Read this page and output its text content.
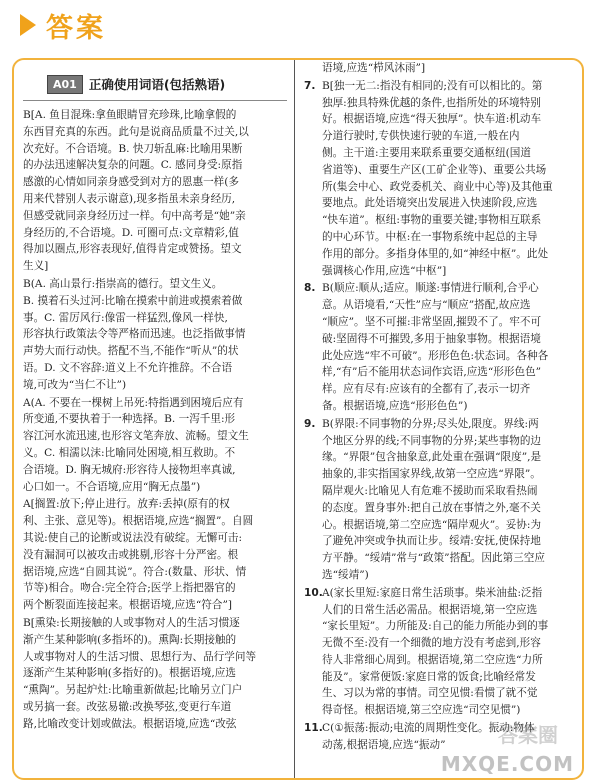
答案
A01 正确使用词语(包括熟语)
B[A. 鱼目混珠:拿鱼眼睛冒充珍珠,比喻拿假的
东西冒充真的东西。此句是说商品质量不过关,以
次充好。不合语境。B. 快刀斩乱麻:比喻用果断
的办法迅速解决复杂的问题。C. 感同身受:原指
感激的心情如同亲身感受到对方的恩惠一样(多
用来代替别人表示谢意),现多指虽未亲身经历,
但感受就同亲身经历过一样。句中高考是“她”亲
身经历的,不合语境。D. 可圈可点:文章精彩,值
得加以圈点,形容表现好,值得肯定或赞扬。望文
生义]
B(A. 高山景行:指崇高的德行。望文生义。
B. 摸着石头过河:比喻在摸索中前进或摸索着做
事。C. 雷厉风行:像雷一样猛烈,像风一样快,
形容执行政策法令等严格而迅速。也泛指做事情
声势大而行动快。搭配不当,不能作“听从”的状
语。D. 文不容辞:道义上不允许推辞。不合语
境,可改为“当仁不让”)
A(A. 不要在一棵树上吊死:特指遇到困境后应有
所变通,不要执着于一种选择。B. 一泻千里:形
容江河水流迅速,也形容文笔奔放、流畅。望文生
义。C. 相濡以沫:比喻同处困境,相互救助。不
合语境。D. 胸无城府:形容待人接物坦率真诚,
心口如一。不合语境,应用“胸无点墨”)
A[搁置:放下;停止进行。放弃:丢掉(原有的权
利、主张、意见等)。根据语境,应选“搁置”。自圆
其说:使自己的论断或说法没有破绽。无懈可击:
没有漏洞可以被攻击或挑剔,形容十分严密。根
据语境,应选“自圆其说”。符合:(数量、形状、情
节等)相合。吻合:完全符合;医学上指把器官的
两个断裂面连接起来。根据语境,应选“符合”]
B[熏染:长期接触的人或事物对人的生活习惯逐
渐产生某种影响(多指坏的)。熏陶:长期接触的
人或事物对人的生活习惯、思想行为、品行学问等
逐渐产生某种影响(多指好的)。根据语境,应选
“熏陶”。另起炉灶:比喻重新做起;比喻另立门户
或另搞一套。改弦易辙:改换琴弦,变更行车道
路,比喻改变计划或做法。根据语境,应选“改弦
语境,应选“栉风沐雨”]
7. B[独一无二:指没有相同的;没有可以相比的。第
独厚:独具特殊优越的条件,也指所处的环境特别
好。根据语境,应选“得天独厚”。快车道:机动车
分道行驶时,专供快速行驶的车道,一般在内
侧。主干道:主要用来联系重要交通枢纽(国道
省道等)、重要生产区(工矿企业等)、重要公共场
所(集会中心、政党委机关、商业中心等)及其他重
要地点。此处语境突出发展进入快速阶段,应选
“快车道”。枢纽:事物的重要关键;事物相互联系
的中心环节。中枢:在一事物系统中起总的主导
作用的部分。多指身体里的,如“神经中枢”。此处
强调核心作用,应选“中枢”]
8. B(顺应:顺从;适应。顺遂:事情进行顺利,合乎心
意。从语境看,“天性”应与“顺应”搭配,故应选
“顺应”。坚不可摧:非常坚固,摧毁不了。牢不可
破:坚固得不可摧毁,多用于抽象事物。根据语境
此处应选“牢不可破”。形形色色:状态词。各种各
样,“有”后不能用状态词作宾语,应选“形形色色”
样。应有尽有:应该有的全都有了,表示一切齐
备。根据语境,应选“形形色色”)
9. B(界限:不同事物的分界;尽头处,限度。界线:两
个地区分界的线;不同事物的分界;某些事物的边
缘。“界限”包含抽象意,此处重在强调“限度”,是
抽象的,非实指国家界线,故第一空应选“界限”。
隔岸观火:比喻见人有危难不援助而采取看热闹
的态度。置身事外:把自己放在事情之外,毫不关
心。根据语境,第二空应选“隔岸观火”。妥协:为
了避免冲突或争执而让步。绥靖:安抚,使保持地
方平静。“绥靖”常与“政策”搭配。因此第三空应
选“绥靖”)
10.A(家长里短:家庭日常生活琐事。柴米油盐:泛指
人们的日常生活必需品。根据语境,第一空应选
“家长里短”。力所能及:自己的能力所能办到的事
无微不至:没有一个细微的地方没有考虑到,形容
待人非常细心周到。根据语境,第二空应选“力所
能及”。家常便饭:家庭日常的饭食;比喻经常发
生、习以为常的事情。司空见惯:看惯了就不觉
得奇怪。根据语境,第三空应选“司空见惯”)
11.C(①振荡:振动;电流的周期性变化。振动:物体
动荡,根据语境,应选“振动”	答案圈
MXQE.COM
